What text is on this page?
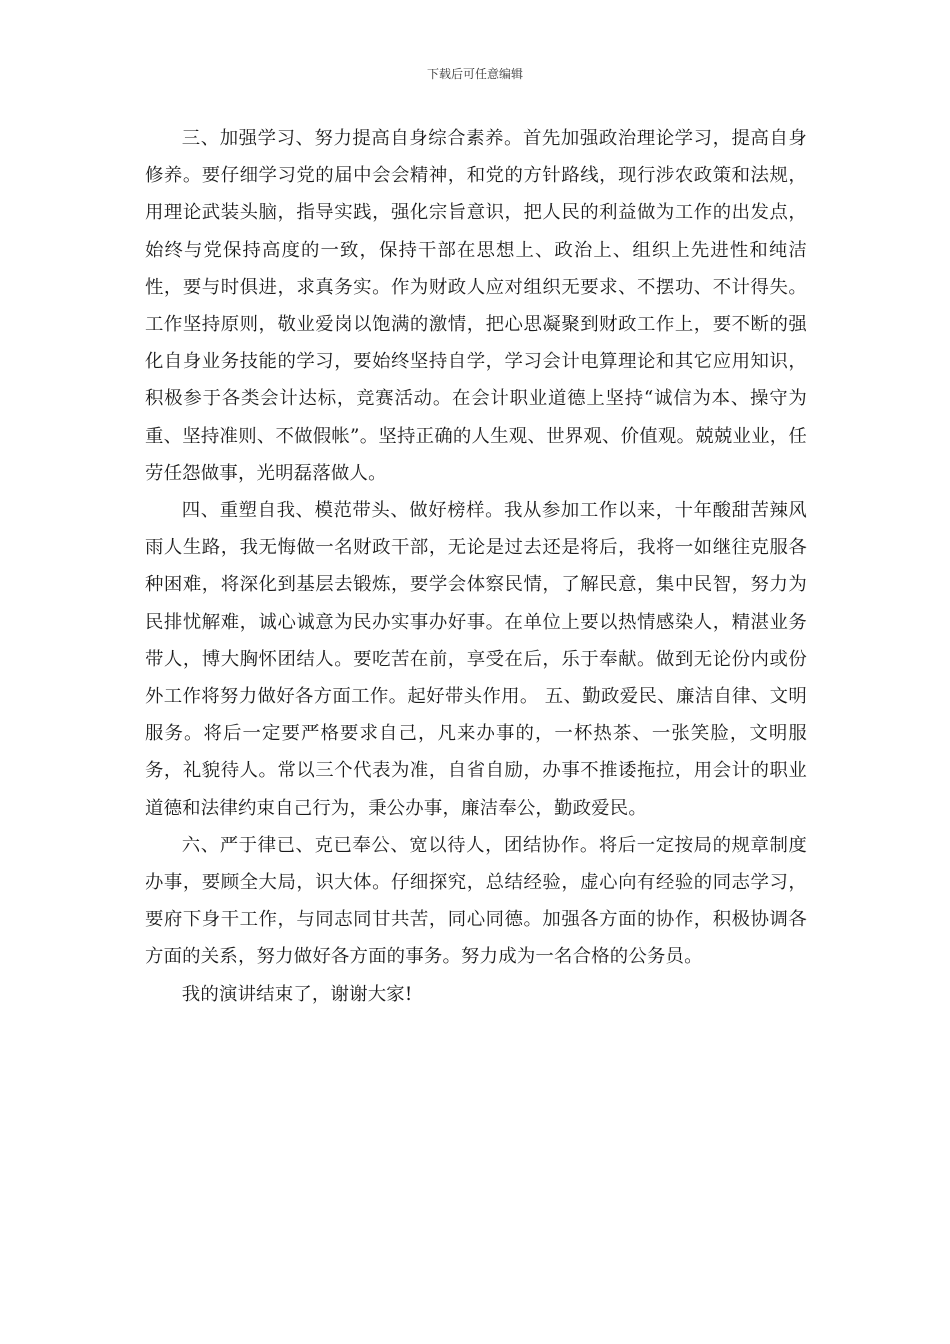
下载后可任意编辑

三、加强学习、努力提高自身综合素养。首先加强政治理论学习，提高自身修养。要仔细学习党的届中会会精神，和党的方针路线，现行涉农政策和法规，用理论武装头脑，指导实践，强化宗旨意识，把人民的利益做为工作的出发点，始终与党保持高度的一致，保持干部在思想上、政治上、组织上先进性和纯洁性，要与时俱进，求真务实。作为财政人应对组织无要求、不摆功、不计得失。工作坚持原则，敬业爱岗以饱满的激情，把心思凝聚到财政工作上，要不断的强化自身业务技能的学习，要始终坚持自学，学习会计电算理论和其它应用知识，积极参于各类会计达标，竞赛活动。在会计职业道德上坚持“诚信为本、操守为重、坚持准则、不做假帐”。坚持正确的人生观、世界观、价值观。兢兢业业，任劳任怨做事，光明磊落做人。

四、重塑自我、模范带头、做好榜样。我从参加工作以来，十年酸甜苦辣风雨人生路，我无悔做一名财政干部，无论是过去还是将后，我将一如继往克服各种困难，将深化到基层去锻炼，要学会体察民情，了解民意，集中民智，努力为民排忧解难，诚心诚意为民办实事办好事。在单位上要以热情感染人，精湛业务带人，博大胸怀团结人。要吃苦在前，享受在后，乐于奉献。做到无论份内或份外工作将努力做好各方面工作。起好带头作用。 五、勤政爱民、廉洁自律、文明服务。将后一定要严格要求自己，凡来办事的，一杯热茶、一张笑脸，文明服务，礼貌待人。常以三个代表为准，自省自励，办事不推诿拖拉，用会计的职业道德和法律约束自己行为，秉公办事，廉洁奉公，勤政爱民。

六、严于律已、克已奉公、宽以待人，团结协作。将后一定按局的规章制度办事，要顾全大局，识大体。仔细探究，总结经验，虚心向有经验的同志学习，要府下身干工作，与同志同甘共苦，同心同德。加强各方面的协作，积极协调各方面的关系，努力做好各方面的事务。努力成为一名合格的公务员。

我的演讲结束了，谢谢大家!
